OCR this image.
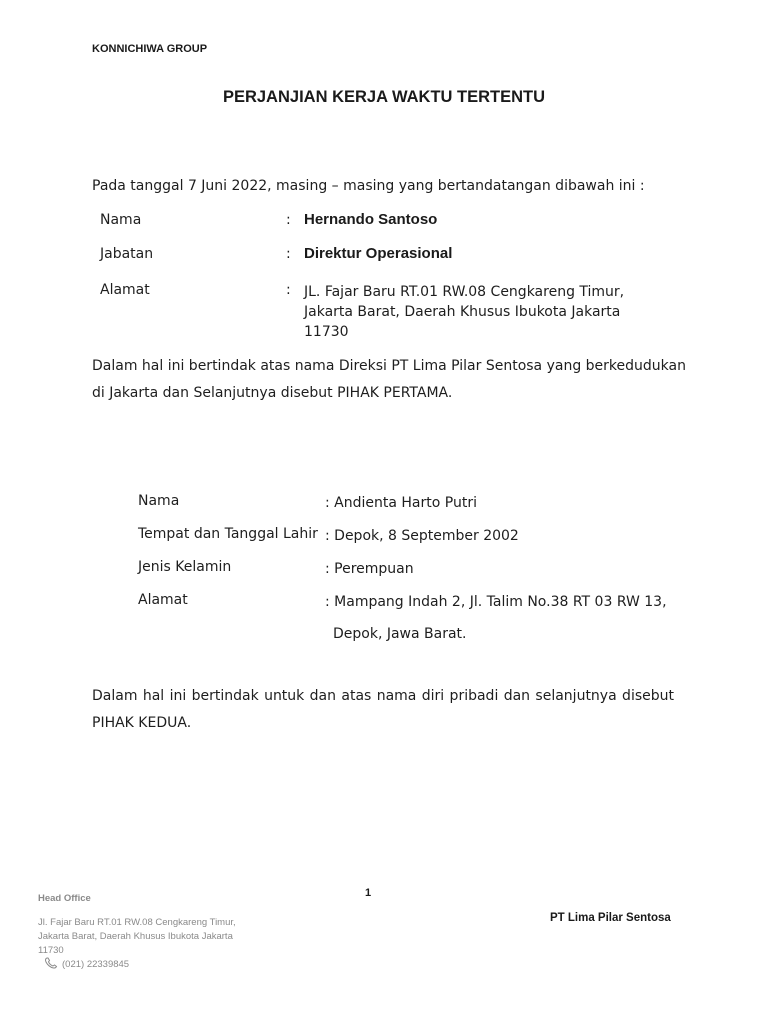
KONNICHIWA GROUP
PERJANJIAN KERJA WAKTU TERTENTU
Pada tanggal 7 Juni 2022, masing – masing yang bertandatangan dibawah ini :
Nama	: Hernando Santoso
Jabatan	: Direktur Operasional
Alamat	: JL. Fajar Baru RT.01 RW.08 Cengkareng Timur,
Jakarta Barat, Daerah Khusus Ibukota Jakarta
11730
Dalam hal ini bertindak atas nama Direksi PT Lima Pilar Sentosa yang berkedudukan
di Jakarta dan Selanjutnya disebut PIHAK PERTAMA.
Nama	: Andienta Harto Putri
Tempat dan Tanggal Lahir : Depok, 8 September 2002
Jenis Kelamin	: Perempuan
Alamat	: Mampang Indah 2, Jl. Talim No.38 RT 03 RW 13,
Depok, Jawa Barat.
Dalam hal ini bertindak untuk dan atas nama diri pribadi dan selanjutnya disebut
PIHAK KEDUA.
1
Head Office
Jl. Fajar Baru RT.01 RW.08 Cengkareng Timur,
Jakarta Barat, Daerah Khusus Ibukota Jakarta
11730
(021) 22339845
PT Lima Pilar Sentosa
